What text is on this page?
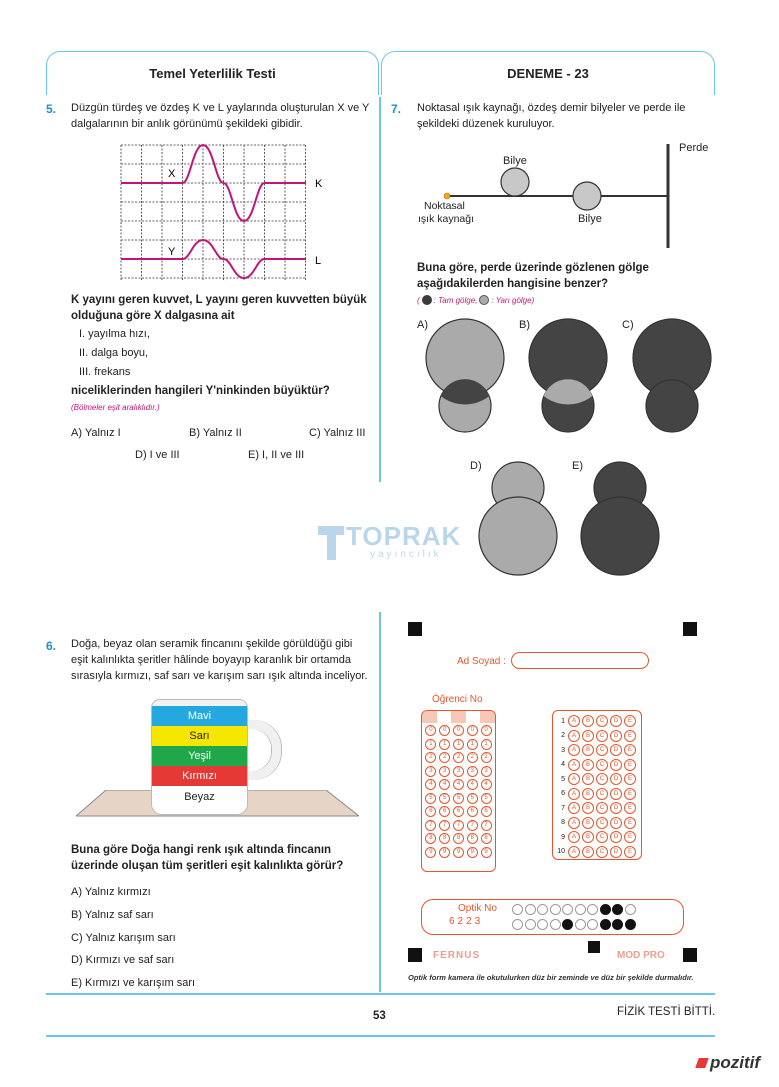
Temel Yeterlilik Testi	DENEME - 23
5. Düzgün türdeş ve özdeş K ve L yaylarında oluşturulan X ve Y dalgalarının bir anlık görünümü şekildeki gibidir.
X
Y
K
L
K yayını geren kuvvet, L yayını geren kuvvetten büyük olduğuna göre X dalgasına ait
I. yayılma hızı,
II. dalga boyu,
III. frekans
niceliklerinden hangileri Y'ninkinden büyüktür?
(Bölmeler eşit aralıklıdır.)
A) Yalnız I	B) Yalnız II	C) Yalnız III
D) I ve III	E) I, II ve III
7. Noktasal ışık kaynağı, özdeş demir bilyeler ve perde ile şekildeki düzenek kuruluyor.
Perde
Bilye
Bilye
Noktasal
ışık kaynağı
Buna göre, perde üzerinde gözlenen gölge aşağıdakilerden hangisine benzer?
( : Tam gölge, : Yarı gölge)
A)	B)	C)
D)	E)
TOPRAK
yayıncılık
6. Doğa, beyaz olan seramik fincanını şekilde görüldüğü gibi eşit kalınlıkta şeritler hâlinde boyayıp karanlık bir ortamda sırasıyla kırmızı, saf sarı ve karışım sarı ışık altında inceliyor.
Mavi
Sarı
Yeşil
Kırmızı
Beyaz
Buna göre Doğa hangi renk ışık altında fincanın üzerinde oluşan tüm şeritleri eşit kalınlıkta görür?
A) Yalnız kırmızı
B) Yalnız saf sarı
C) Yalnız karışım sarı
D) Kırmızı ve saf sarı
E) Kırmızı ve karışım sarı
Ad Soyad :
Öğrenci No
0	0	0	0	0
1	1	1	1	1
2	2	2	2	2
3	3	3	3	3
4	4	4	4	4
5	5	5	5	5
6	6	6	6	6
7	7	7	7	7
8	8	8	8	8
9	9	9	9	9
1	A	B	C	D	E
2	A	B	C	D	E
3	A	B	C	D	E
4	A	B	C	D	E
5	A	B	C	D	E
6	A	B	C	D	E
7	A	B	C	D	E
8	A	B	C	D	E
9	A	B	C	D	E
10	A	B	C	D	E
Optik No
6223
FERNUS	MOD PRO
Optik form kamera ile okutulurken düz bir zeminde ve düz bir şekilde durmalıdır.
53	FİZİK TESTİ BİTTİ.
pozitif
